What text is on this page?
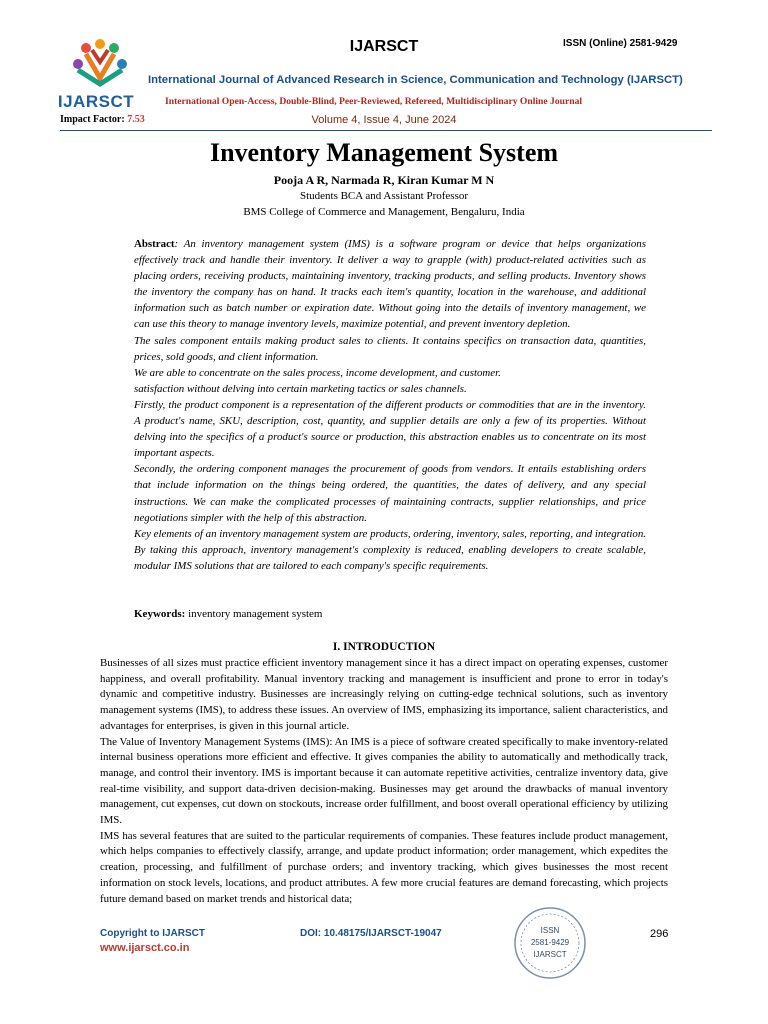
IJARSCT
Impact Factor: 7.53
IJARSCT	ISSN (Online) 2581-9429
International Journal of Advanced Research in Science, Communication and Technology (IJARSCT)
International Open-Access, Double-Blind, Peer-Reviewed, Refereed, Multidisciplinary Online Journal
Volume 4, Issue 4, June 2024
Inventory Management System
Pooja A R, Narmada R, Kiran Kumar M N
Students BCA and Assistant Professor
BMS College of Commerce and Management, Bengaluru, India

Abstract: An inventory management system (IMS) is a software program or device that helps organizations effectively track and handle their inventory. It deliver a way to grapple (with) product-related activities such as placing orders, receiving products, maintaining inventory, tracking products, and selling products. Inventory shows the inventory the company has on hand. It tracks each item's quantity, location in the warehouse, and additional information such as batch number or expiration date. Without going into the details of inventory management, we can use this theory to manage inventory levels, maximize potential, and prevent inventory depletion.

The sales component entails making product sales to clients. It contains specifics on transaction data, quantities, prices, sold goods, and client information.

We are able to concentrate on the sales process, income development, and customer.

satisfaction without delving into certain marketing tactics or sales channels.

Firstly, the product component is a representation of the different products or commodities that are in the inventory. A product's name, SKU, description, cost, quantity, and supplier details are only a few of its properties. Without delving into the specifics of a product's source or production, this abstraction enables us to concentrate on its most important aspects.

Secondly, the ordering component manages the procurement of goods from vendors. It entails establishing orders that include information on the things being ordered, the quantities, the dates of delivery, and any special instructions. We can make the complicated processes of maintaining contracts, supplier relationships, and price negotiations simpler with the help of this abstraction.

Key elements of an inventory management system are products, ordering, inventory, sales, reporting, and integration. By taking this approach, inventory management's complexity is reduced, enabling developers to create scalable, modular IMS solutions that are tailored to each company's specific requirements.

Keywords: inventory management system
I. INTRODUCTION

Businesses of all sizes must practice efficient inventory management since it has a direct impact on operating expenses, customer happiness, and overall profitability. Manual inventory tracking and management is insufficient and prone to error in today's dynamic and competitive industry. Businesses are increasingly relying on cutting-edge technical solutions, such as inventory management systems (IMS), to address these issues. An overview of IMS, emphasizing its importance, salient characteristics, and advantages for enterprises, is given in this journal article.

The Value of Inventory Management Systems (IMS): An IMS is a piece of software created specifically to make inventory-related internal business operations more efficient and effective. It gives companies the ability to automatically and methodically track, manage, and control their inventory. IMS is important because it can automate repetitive activities, centralize inventory data, give real-time visibility, and support data-driven decision-making. Businesses may get around the drawbacks of manual inventory management, cut expenses, cut down on stockouts, increase order fulfillment, and boost overall operational efficiency by utilizing IMS.

IMS has several features that are suited to the particular requirements of companies. These features include product management, which helps companies to effectively classify, arrange, and update product information; order management, which expedites the creation, processing, and fulfillment of purchase orders; and inventory tracking, which gives businesses the most recent information on stock levels, locations, and product attributes. A few more crucial features are demand forecasting, which projects future demand based on market trends and historical data;

Copyright to IJARSCT
www.ijarsct.co.in
DOI: 10.48175/IJARSCT-19047	296
ISSN
2581-9429
IJARSCT
